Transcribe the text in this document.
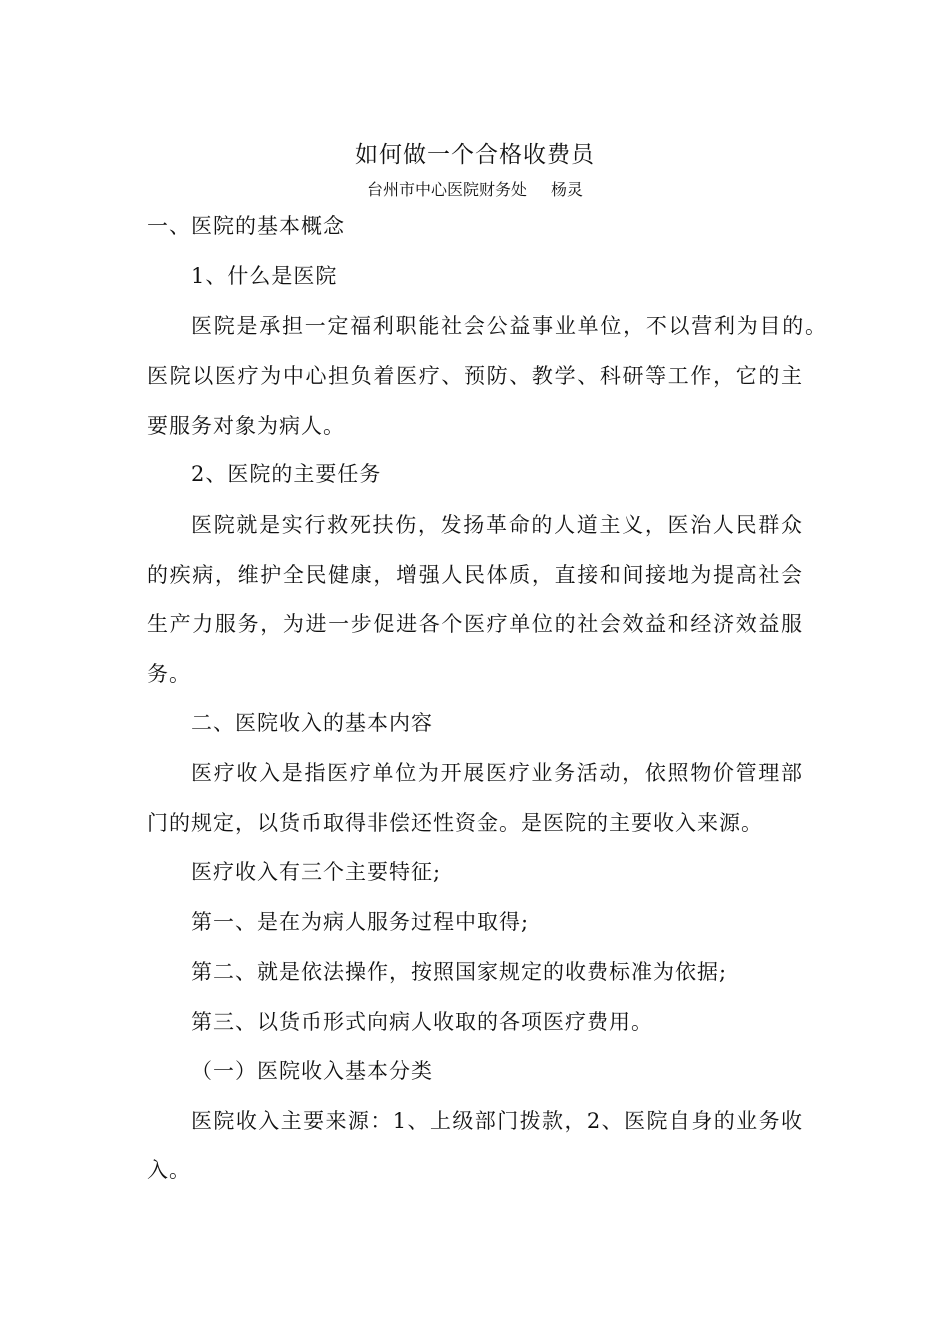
如何做一个合格收费员
台州市中心医院财务处 杨灵
一、医院的基本概念
1、什么是医院
医院是承担一定福利职能社会公益事业单位，不以营利为目的。
医院以医疗为中心担负着医疗、预防、教学、科研等工作，它的主
要服务对象为病人。
2、医院的主要任务
医院就是实行救死扶伤，发扬革命的人道主义，医治人民群众
的疾病，维护全民健康，增强人民体质，直接和间接地为提高社会
生产力服务，为进一步促进各个医疗单位的社会效益和经济效益服
务。
二、医院收入的基本内容
医疗收入是指医疗单位为开展医疗业务活动，依照物价管理部
门的规定，以货币取得非偿还性资金。是医院的主要收入来源。
医疗收入有三个主要特征;
第一、是在为病人服务过程中取得;
第二、就是依法操作，按照国家规定的收费标准为依据;
第三、以货币形式向病人收取的各项医疗费用。
（一）医院收入基本分类
医院收入主要来源：1、上级部门拨款，2、医院自身的业务收
入。
